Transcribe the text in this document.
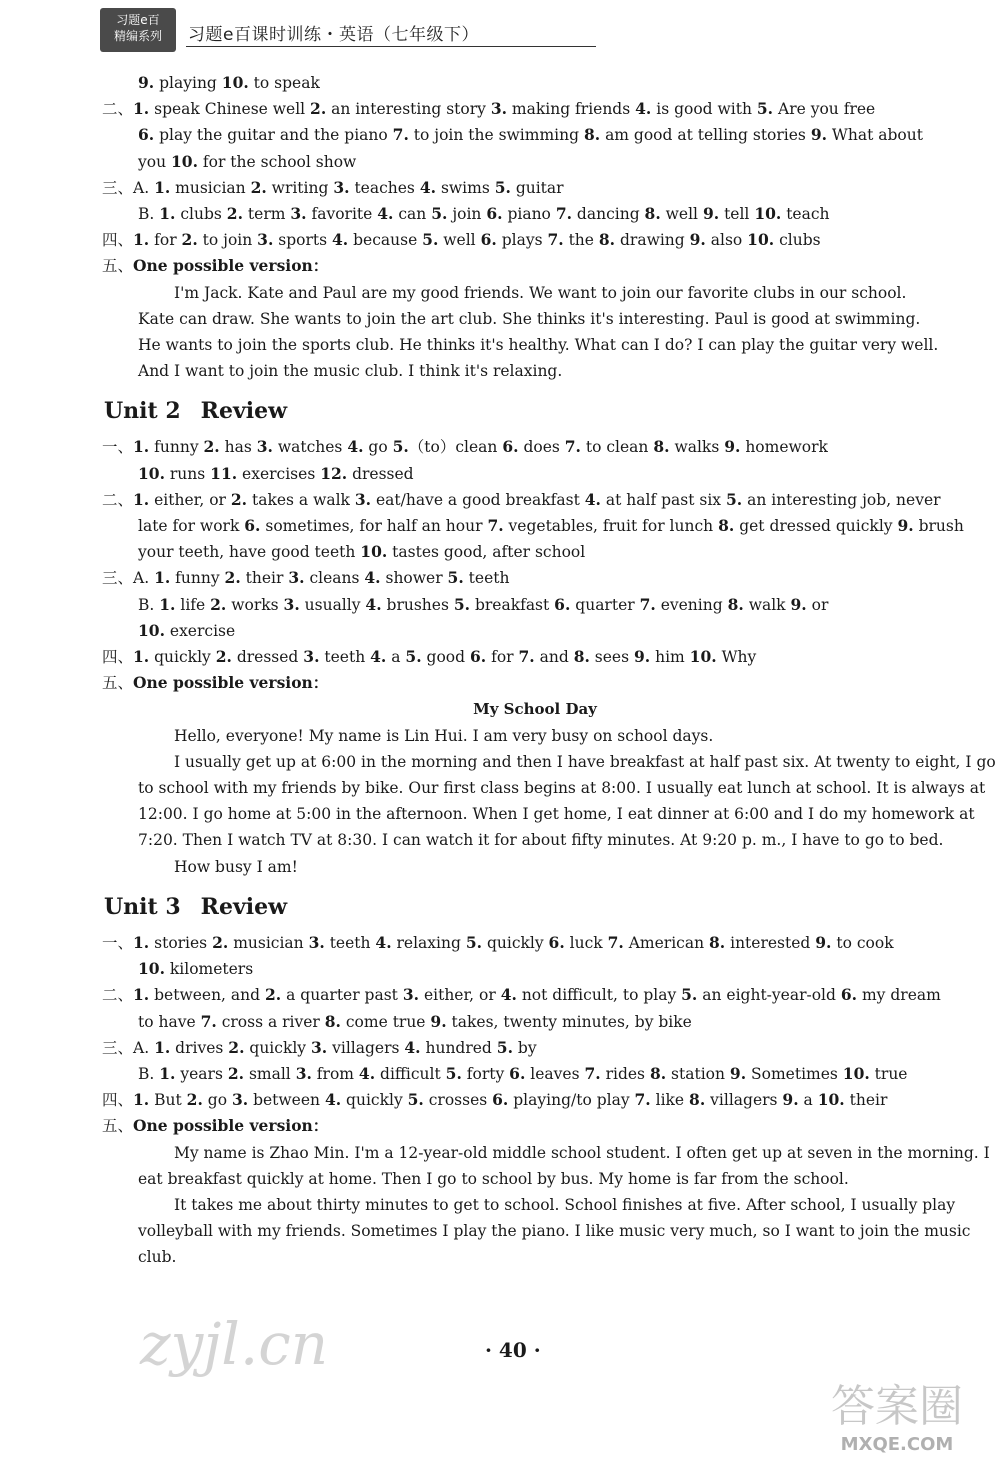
习题e百
精编系列	习题e百课时训练・英语（七年级下）
9. playing 10. to speak
二、1. speak Chinese well 2. an interesting story 3. making friends 4. is good with 5. Are you free
6. play the guitar and the piano 7. to join the swimming 8. am good at telling stories 9. What about
you 10. for the school show
三、A. 1. musician 2. writing 3. teaches 4. swims 5. guitar
B. 1. clubs 2. term 3. favorite 4. can 5. join 6. piano 7. dancing 8. well 9. tell 10. teach
四、1. for 2. to join 3. sports 4. because 5. well 6. plays 7. the 8. drawing 9. also 10. clubs
五、One possible version：
I'm Jack. Kate and Paul are my good friends. We want to join our favorite clubs in our school.
Kate can draw. She wants to join the art club. She thinks it's interesting. Paul is good at swimming.
He wants to join the sports club. He thinks it's healthy. What can I do? I can play the guitar very well.
And I want to join the music club. I think it's relaxing.
Unit 2 Review
一、1. funny 2. has 3. watches 4. go 5.（to）clean 6. does 7. to clean 8. walks 9. homework
10. runs 11. exercises 12. dressed
二、1. either, or 2. takes a walk 3. eat/have a good breakfast 4. at half past six 5. an interesting job, never
late for work 6. sometimes, for half an hour 7. vegetables, fruit for lunch 8. get dressed quickly 9. brush
your teeth, have good teeth 10. tastes good, after school
三、A. 1. funny 2. their 3. cleans 4. shower 5. teeth
B. 1. life 2. works 3. usually 4. brushes 5. breakfast 6. quarter 7. evening 8. walk 9. or
10. exercise
四、1. quickly 2. dressed 3. teeth 4. a 5. good 6. for 7. and 8. sees 9. him 10. Why
五、One possible version：
My School Day
Hello, everyone! My name is Lin Hui. I am very busy on school days.
I usually get up at 6:00 in the morning and then I have breakfast at half past six. At twenty to eight, I go
to school with my friends by bike. Our first class begins at 8:00. I usually eat lunch at school. It is always at
12:00. I go home at 5:00 in the afternoon. When I get home, I eat dinner at 6:00 and I do my homework at
7:20. Then I watch TV at 8:30. I can watch it for about fifty minutes. At 9:20 p. m., I have to go to bed.
How busy I am!
Unit 3 Review
一、1. stories 2. musician 3. teeth 4. relaxing 5. quickly 6. luck 7. American 8. interested 9. to cook
10. kilometers
二、1. between, and 2. a quarter past 3. either, or 4. not difficult, to play 5. an eight-year-old 6. my dream
to have 7. cross a river 8. come true 9. takes, twenty minutes, by bike
三、A. 1. drives 2. quickly 3. villagers 4. hundred 5. by
B. 1. years 2. small 3. from 4. difficult 5. forty 6. leaves 7. rides 8. station 9. Sometimes 10. true
四、1. But 2. go 3. between 4. quickly 5. crosses 6. playing/to play 7. like 8. villagers 9. a 10. their
五、One possible version：
My name is Zhao Min. I'm a 12-year-old middle school student. I often get up at seven in the morning. I
eat breakfast quickly at home. Then I go to school by bus. My home is far from the school.
It takes me about thirty minutes to get to school. School finishes at five. After school, I usually play
volleyball with my friends. Sometimes I play the piano. I like music very much, so I want to join the music
club.
zyjl.cn	· 40 ·
答案圈
MXQE.COM
